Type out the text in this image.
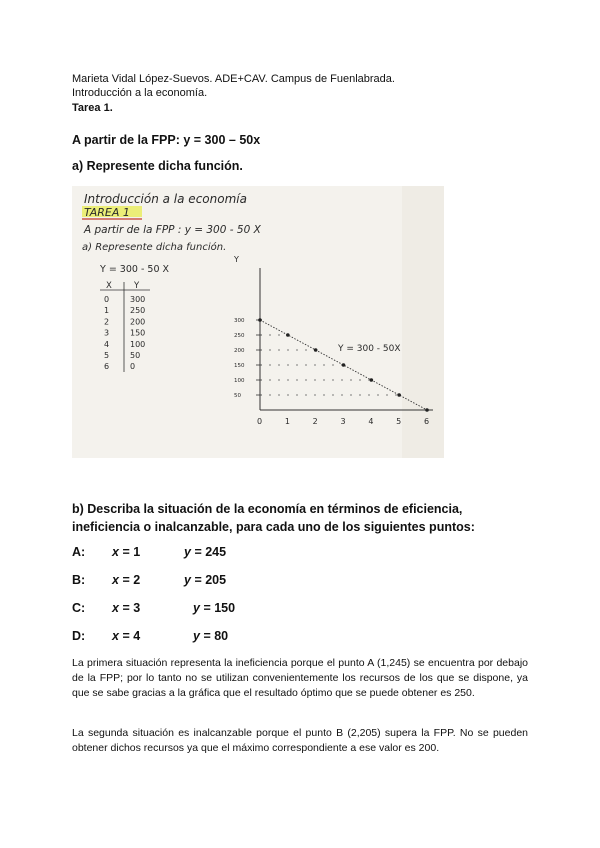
Marieta Vidal López-Suevos. ADE+CAV. Campus de Fuenlabrada.
Introducción a la economía.
Tarea 1.
A partir de la FPP: y = 300 – 50x
a) Represente dicha función.
Introducción a la economía
TAREA 1
A partir de la FPP : y = 300 - 50 X
a) Represente dicha función.
Y = 300 - 50 X
X	Y
0	300
1	250
2	200
3	150
4	100
5	50
6	0
300
250
200
150
100
50
0	1	2	3	4	5	6
Y
Y = 300 - 50X
b) Describa la situación de la economía en términos de eficiencia, ineficiencia o inalcanzable, para cada uno de los siguientes puntos:
A: x = 1	y = 245
B: x = 2	y = 205
C: x = 3	y = 150
D: x = 4	y = 80
La primera situación representa la ineficiencia porque el punto A (1,245) se encuentra por debajo de la FPP; por lo tanto no se utilizan convenientemente los recursos de los que se dispone, ya que se sabe gracias a la gráfica que el resultado óptimo que se puede obtener es 250.
La segunda situación es inalcanzable porque el punto B (2,205) supera la FPP. No se pueden obtener dichos recursos ya que el máximo correspondiente a ese valor es 200.
